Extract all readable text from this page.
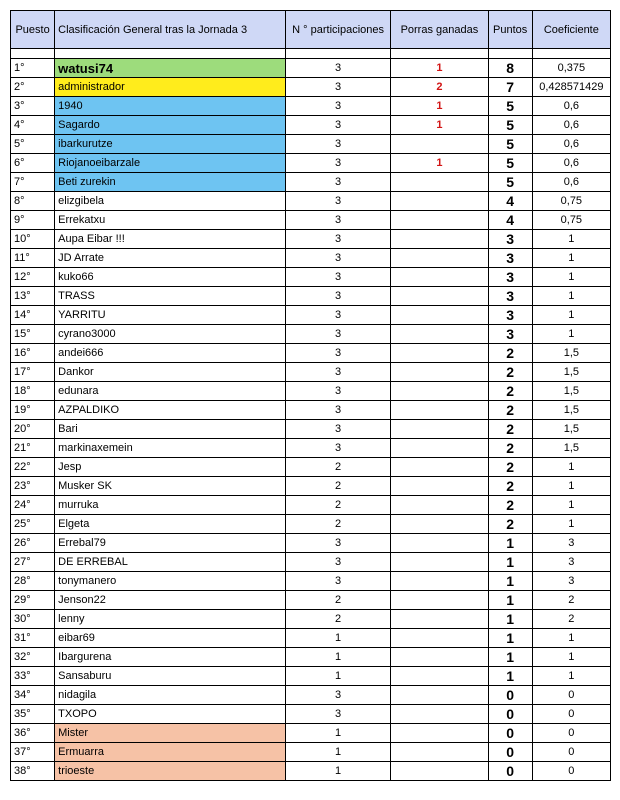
Puesto	Clasificación General tras la Jornada 3	N ° participaciones	Porras ganadas	Puntos	Coeficiente

1°	watusi74	3	1	8	0,375
2°	administrador	3	2	7	0,428571429
3°	1940	3	1	5	0,6
4°	Sagardo	3	1	5	0,6
5°	ibarkurutze	3		5	0,6
6°	Riojanoeibarzale	3	1	5	0,6
7°	Beti zurekin	3		5	0,6
8°	elizgibela	3		4	0,75
9°	Errekatxu	3		4	0,75
10°	Aupa Eibar !!!	3		3	1
11°	JD Arrate	3		3	1
12°	kuko66	3		3	1
13°	TRASS	3		3	1
14°	YARRITU	3		3	1
15°	cyrano3000	3		3	1
16°	andei666	3		2	1,5
17°	Dankor	3		2	1,5
18°	edunara	3		2	1,5
19°	AZPALDIKO	3		2	1,5
20°	Bari	3		2	1,5
21°	markinaxemein	3		2	1,5
22°	Jesp	2		2	1
23°	Musker SK	2		2	1
24°	murruka	2		2	1
25°	Elgeta	2		2	1
26°	Errebal79	3		1	3
27°	DE ERREBAL	3		1	3
28°	tonymanero	3		1	3
29°	Jenson22	2		1	2
30°	lenny	2		1	2
31°	eibar69	1		1	1
32°	Ibargurena	1		1	1
33°	Sansaburu	1		1	1
34°	nidagila	3		0	0
35°	TXOPO	3		0	0
36°	Mister	1		0	0
37°	Ermuarra	1		0	0
38°	trioeste	1		0	0
